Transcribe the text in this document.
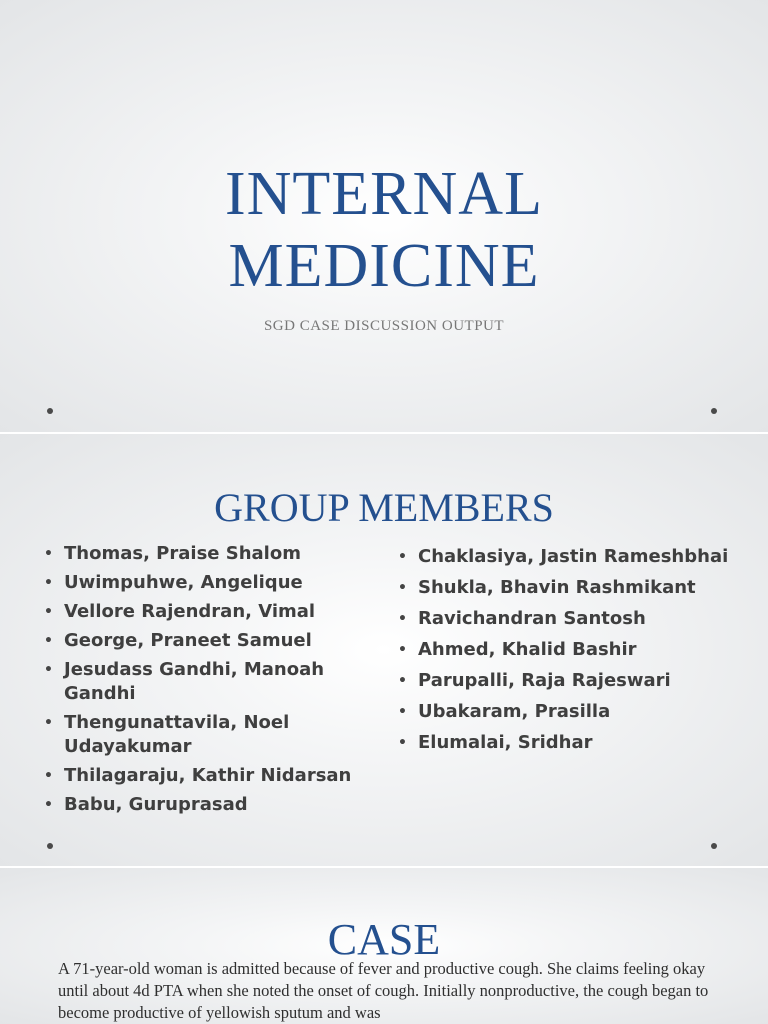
INTERNAL
MEDICINE
SGD CASE DISCUSSION OUTPUT
GROUP MEMBERS
• Thomas, Praise Shalom
• Uwimpuhwe, Angelique
• Vellore Rajendran, Vimal
• George, Praneet Samuel
• Jesudass Gandhi, Manoah Gandhi
• Thengunattavila, Noel Udayakumar
• Thilagaraju, Kathir Nidarsan
• Babu, Guruprasad
• Chaklasiya, Jastin Rameshbhai
• Shukla, Bhavin Rashmikant
• Ravichandran Santosh
• Ahmed, Khalid Bashir
• Parupalli, Raja Rajeswari
• Ubakaram, Prasilla
• Elumalai, Sridhar
CASE
A 71-year-old woman is admitted because of fever and productive cough. She claims feeling okay until about 4d PTA when she noted the onset of cough. Initially nonproductive, the cough began to become productive of yellowish sputum and was
